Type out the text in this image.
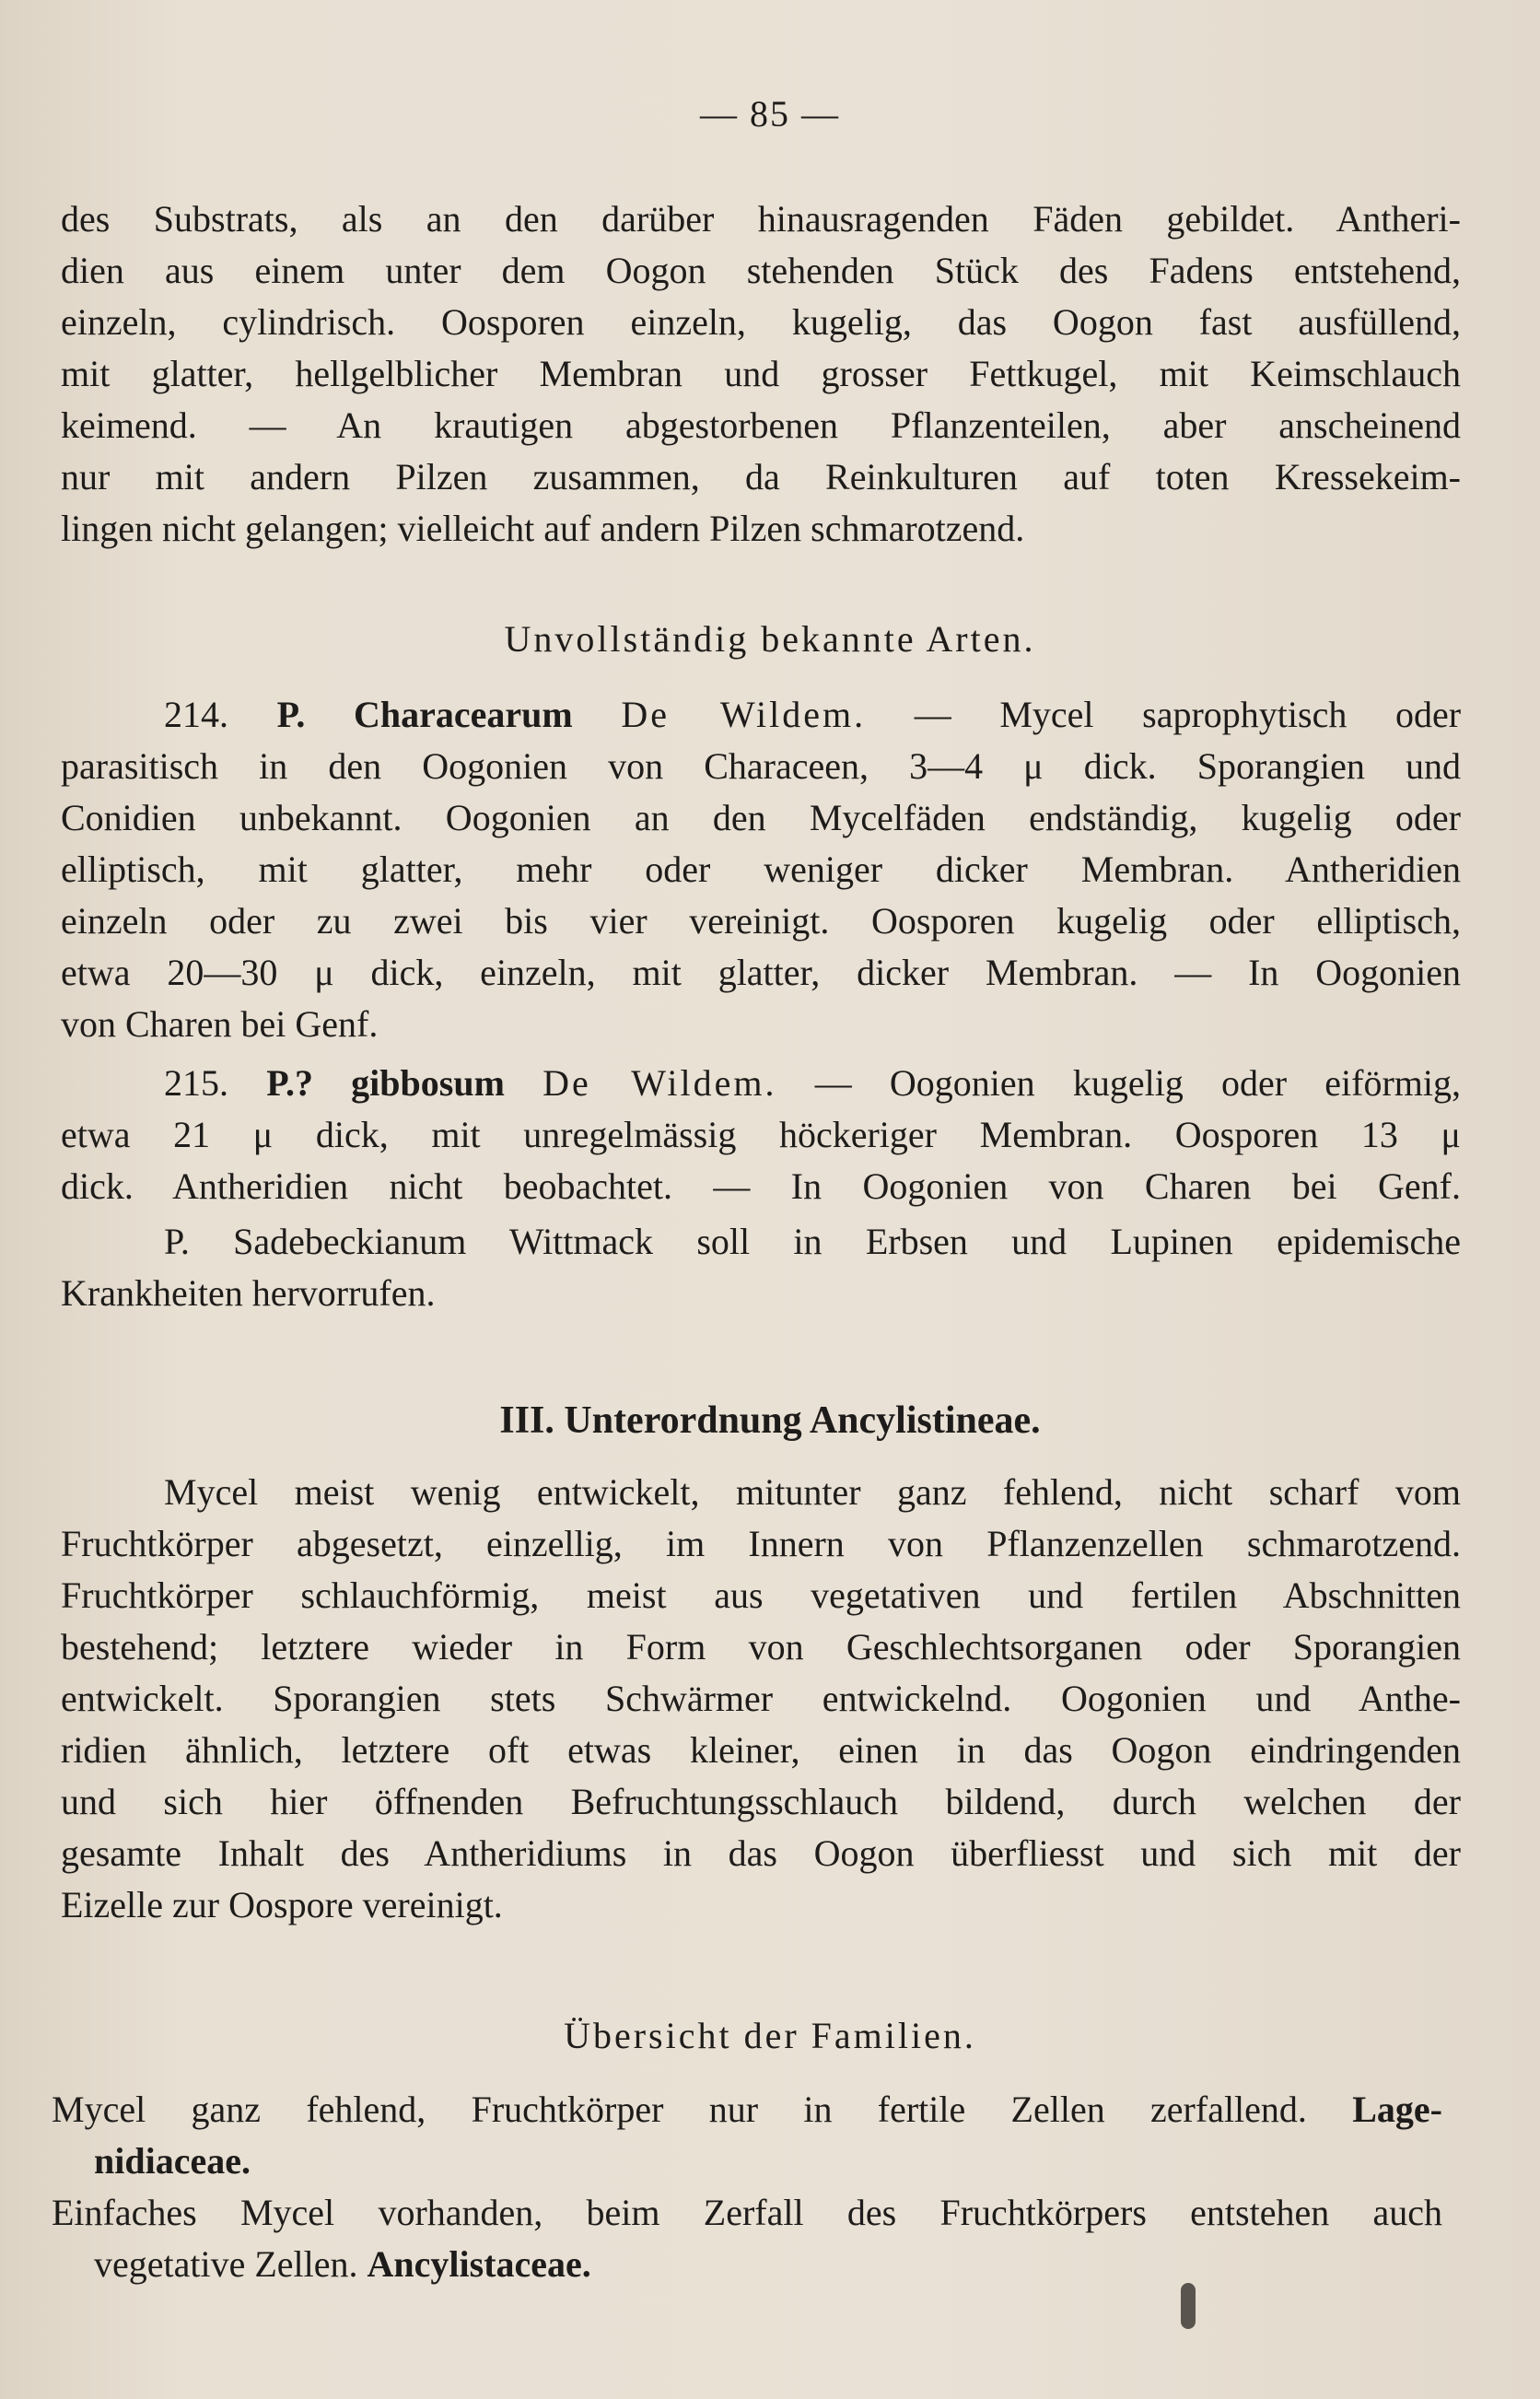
— 85 —
des Substrats, als an den darüber hinausragenden Fäden gebildet. Antheri-
dien aus einem unter dem Oogon stehenden Stück des Fadens entstehend,
einzeln, cylindrisch. Oosporen einzeln, kugelig, das Oogon fast ausfüllend,
mit glatter, hellgelblicher Membran und grosser Fettkugel, mit Keimschlauch
keimend. — An krautigen abgestorbenen Pflanzenteilen, aber anscheinend
nur mit andern Pilzen zusammen, da Reinkulturen auf toten Kressekeim-
lingen nicht gelangen; vielleicht auf andern Pilzen schmarotzend.
Unvollständig bekannte Arten.
214. P. Characearum De Wildem. — Mycel saprophytisch oder
parasitisch in den Oogonien von Characeen, 3—4 μ dick. Sporangien und
Conidien unbekannt. Oogonien an den Mycelfäden endständig, kugelig oder
elliptisch, mit glatter, mehr oder weniger dicker Membran. Antheridien
einzeln oder zu zwei bis vier vereinigt. Oosporen kugelig oder elliptisch,
etwa 20—30 μ dick, einzeln, mit glatter, dicker Membran. — In Oogonien
von Charen bei Genf.
215. P.? gibbosum De Wildem. — Oogonien kugelig oder eiförmig,
etwa 21 μ dick, mit unregelmässig höckeriger Membran. Oosporen 13 μ
dick. Antheridien nicht beobachtet. — In Oogonien von Charen bei Genf.
P. Sadebeckianum Wittmack soll in Erbsen und Lupinen epidemische
Krankheiten hervorrufen.
III. Unterordnung Ancylistineae.
Mycel meist wenig entwickelt, mitunter ganz fehlend, nicht scharf vom
Fruchtkörper abgesetzt, einzellig, im Innern von Pflanzenzellen schmarotzend.
Fruchtkörper schlauchförmig, meist aus vegetativen und fertilen Abschnitten
bestehend; letztere wieder in Form von Geschlechtsorganen oder Sporangien
entwickelt. Sporangien stets Schwärmer entwickelnd. Oogonien und Anthe-
ridien ähnlich, letztere oft etwas kleiner, einen in das Oogon eindringenden
und sich hier öffnenden Befruchtungsschlauch bildend, durch welchen der
gesamte Inhalt des Antheridiums in das Oogon überfliesst und sich mit der
Eizelle zur Oospore vereinigt.
Übersicht der Familien.
Mycel ganz fehlend, Fruchtkörper nur in fertile Zellen zerfallend. Lage-
nidiaceae.
Einfaches Mycel vorhanden, beim Zerfall des Fruchtkörpers entstehen auch
vegetative Zellen. Ancylistaceae.
